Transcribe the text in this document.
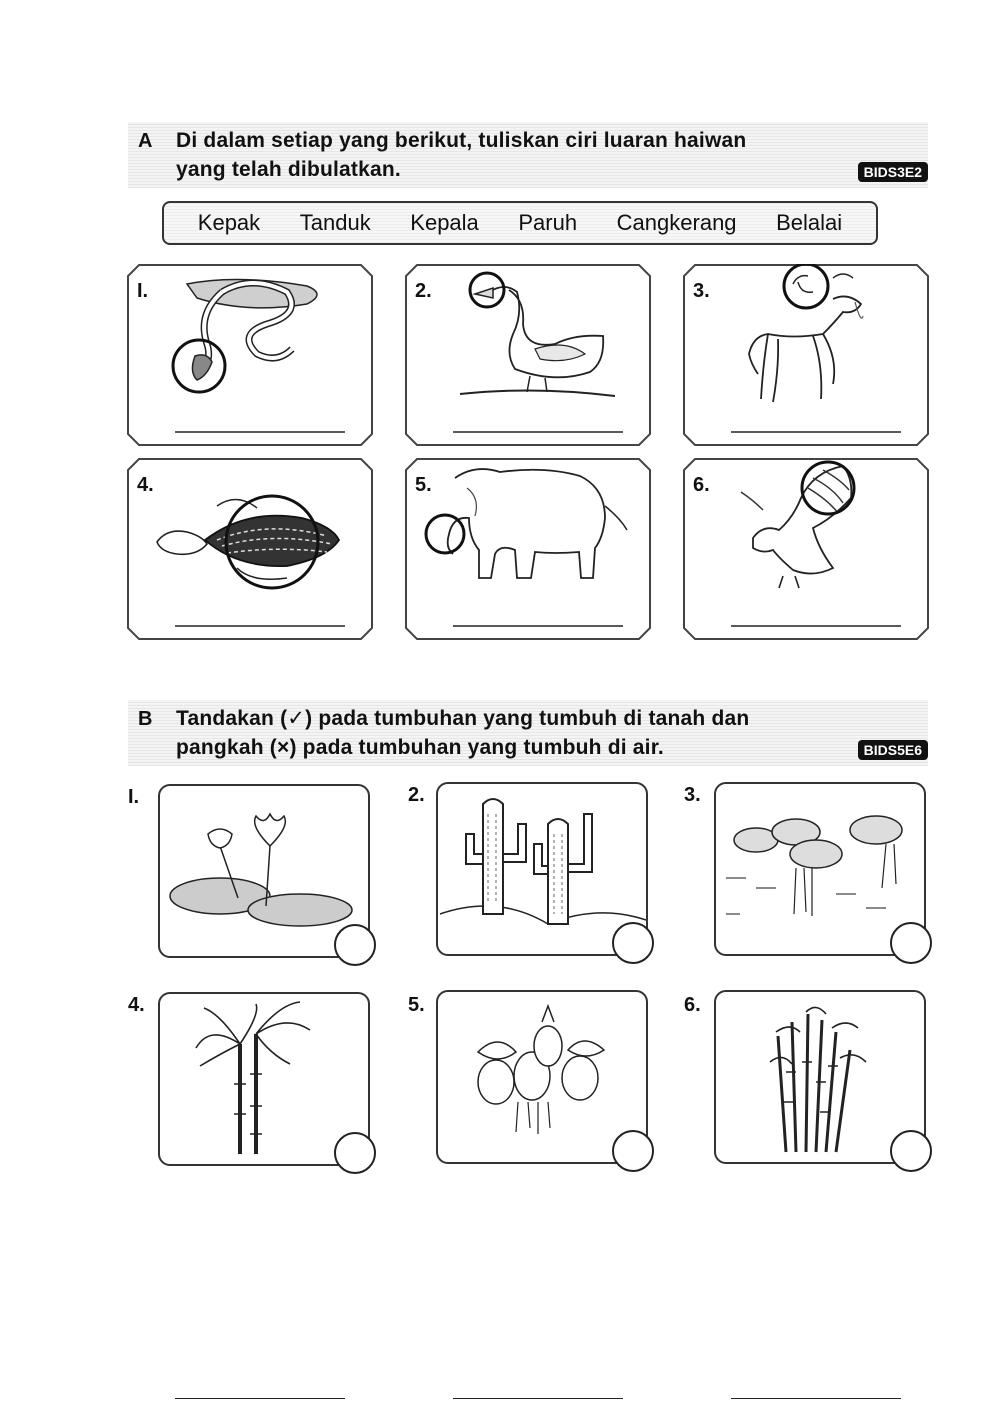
A Di dalam setiap yang berikut, tuliskan ciri luaran haiwan
yang telah dibulatkan.	BIDS3E2
Kepak Tanduk Kepala Paruh Cangkerang Belalai
I.	2.	3.
4.	5.	6.
B Tandakan (✓) pada tumbuhan yang tumbuh di tanah dan
pangkah (×) pada tumbuhan yang tumbuh di air.	BIDS5E6
I.	2.	3.
4.	5.	6.
